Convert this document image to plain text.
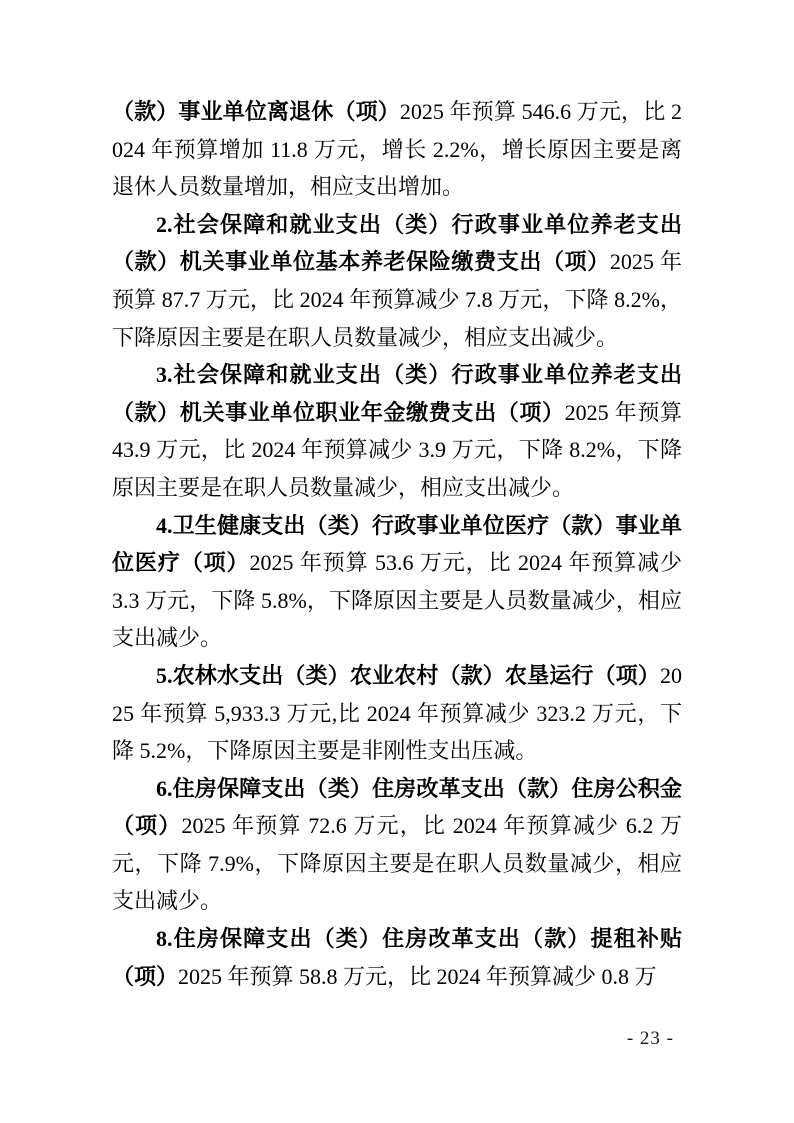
（款）事业单位离退休（项）2025 年预算 546.6 万元，比 2024 年预算增加 11.8 万元，增长 2.2%，增长原因主要是离退休人员数量增加，相应支出增加。

2.社会保障和就业支出（类）行政事业单位养老支出（款）机关事业单位基本养老保险缴费支出（项）2025 年预算 87.7 万元，比 2024 年预算减少 7.8 万元，下降 8.2%，下降原因主要是在职人员数量减少，相应支出减少。

3.社会保障和就业支出（类）行政事业单位养老支出（款）机关事业单位职业年金缴费支出（项）2025 年预算 43.9 万元，比 2024 年预算减少 3.9 万元，下降 8.2%，下降原因主要是在职人员数量减少，相应支出减少。

4.卫生健康支出（类）行政事业单位医疗（款）事业单位医疗（项）2025 年预算 53.6 万元，比 2024 年预算减少 3.3 万元，下降 5.8%，下降原因主要是人员数量减少，相应支出减少。

5.农林水支出（类）农业农村（款）农垦运行（项）2025 年预算 5,933.3 万元,比 2024 年预算减少 323.2 万元，下降 5.2%，下降原因主要是非刚性支出压减。

6.住房保障支出（类）住房改革支出（款）住房公积金（项）2025 年预算 72.6 万元，比 2024 年预算减少 6.2 万元，下降 7.9%，下降原因主要是在职人员数量减少，相应支出减少。

8.住房保障支出（类）住房改革支出（款）提租补贴（项）2025 年预算 58.8 万元，比 2024 年预算减少 0.8 万

- 23 -
